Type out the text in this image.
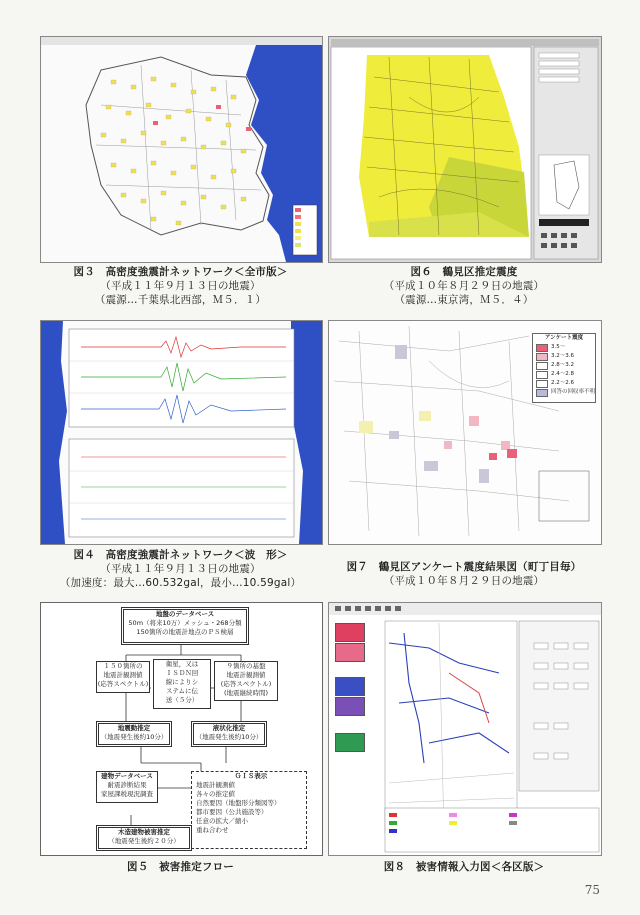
図３　高密度強震計ネットワーク＜全市版＞
（平成１１年９月１３日の地震）
（震源…千葉県北西部，Ｍ５．１）
図６　鶴見区推定震度
（平成１０年８月２９日の地震）
（震源…東京湾，Ｍ５．４）
図４　高密度強震計ネットワーク＜波　形＞
（平成１１年９月１３日の地震）
（加速度：最大…60.532gal，最小…10.59gal）
アンケート震度
3.5〜
3.2〜3.6
2.8〜3.2
2.4〜2.8
2.2〜2.6
回答の回収率不明
図７　鶴見区アンケート震度結果図（町丁目毎）
（平成１０年８月２９日の地震）
地盤のデータベース
50m（将来10万）メッシュ・268分類
150箇所の地震計地点のＰＳ検層
１５０箇所の
地震計観測値
(応答スペクトル)
衛星，又は
ＩＳＤＮ回
線によりシ
ステムに伝
送（５分）
９箇所の基盤
地震計観測値
(応答スペクトル)
(地震継続時間)
地震動推定
（地震発生後約10分）
液状化推定
（地震発生後約10分）
建物データベース
耐震診断結果
家屋課税現況調査
ＧＩＳ表示
地震計観測値
各々の推定値
自然要因（地盤形分類図等）
都市要因（公共施設等）
任意の拡大／縮小
重ね合わせ
木造建物被害推定
（地震発生後約２０分）
図５　被害推定フロー	図８　被害情報入力図＜各区版＞
75
